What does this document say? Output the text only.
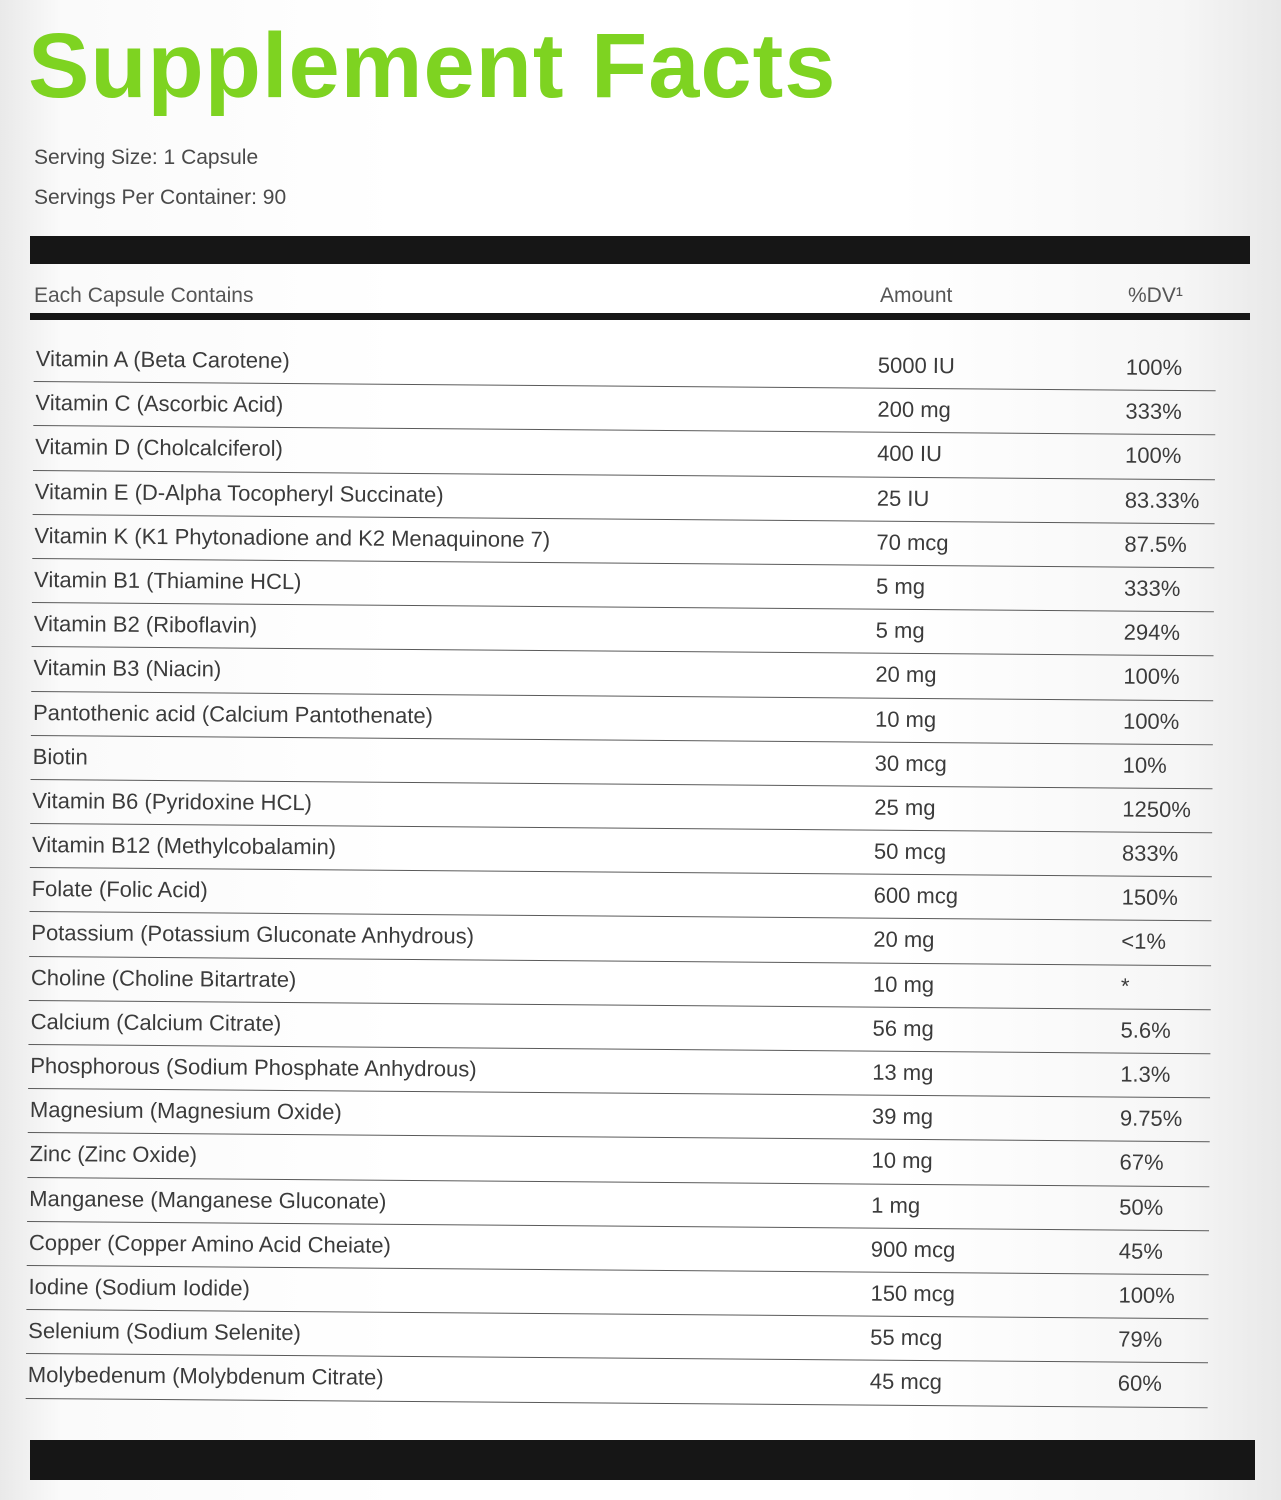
Supplement Facts
Serving Size: 1 Capsule
Servings Per Container: 90
Each Capsule Contains	Amount	%DV¹
Vitamin A (Beta Carotene)	5000 IU	100%
Vitamin C (Ascorbic Acid)	200 mg	333%
Vitamin D (Cholcalciferol)	400 IU	100%
Vitamin E (D-Alpha Tocopheryl Succinate)	25 IU	83.33%
Vitamin K (K1 Phytonadione and K2 Menaquinone 7)	70 mcg	87.5%
Vitamin B1 (Thiamine HCL)	5 mg	333%
Vitamin B2 (Riboflavin)	5 mg	294%
Vitamin B3 (Niacin)	20 mg	100%
Pantothenic acid (Calcium Pantothenate)	10 mg	100%
Biotin	30 mcg	10%
Vitamin B6 (Pyridoxine HCL)	25 mg	1250%
Vitamin B12 (Methylcobalamin)	50 mcg	833%
Folate (Folic Acid)	600 mcg	150%
Potassium (Potassium Gluconate Anhydrous)	20 mg	<1%
Choline (Choline Bitartrate)	10 mg	*
Calcium (Calcium Citrate)	56 mg	5.6%
Phosphorous (Sodium Phosphate Anhydrous)	13 mg	1.3%
Magnesium (Magnesium Oxide)	39 mg	9.75%
Zinc (Zinc Oxide)	10 mg	67%
Manganese (Manganese Gluconate)	1 mg	50%
Copper (Copper Amino Acid Cheiate)	900 mcg	45%
Iodine (Sodium Iodide)	150 mcg	100%
Selenium (Sodium Selenite)	55 mcg	79%
Molybedenum (Molybdenum Citrate)	45 mcg	60%
